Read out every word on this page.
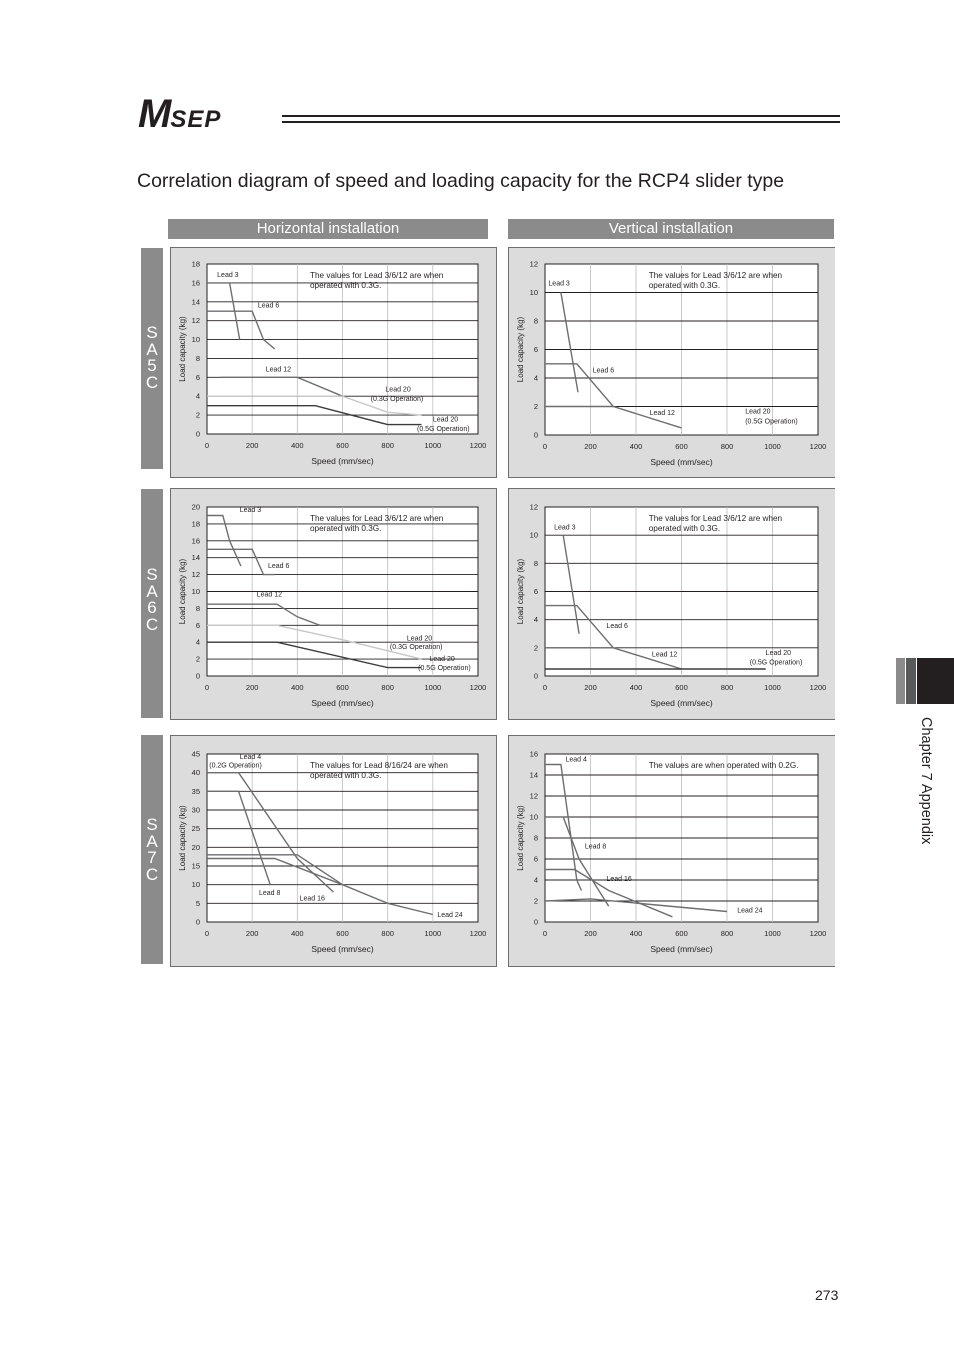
MSEP
Correlation diagram of speed and loading capacity for the RCP4 slider type
Horizontal installation	Vertical installation
S
A
5
C
S
A
6
C
S
A
7
C
0	200	400	600	800	1000	1200
0
2
4
6
8
10
12
14
16
18
Speed (mm/sec)
Load capacity (kg)
The values for Lead 3/6/12 are when
operated with 0.3G.
Lead 3
Lead 6
Lead 12
Lead 20
(0.3G Operation)
Lead 20
(0.5G Operation)
0	200	400	600	800	1000	1200
0
2
4
6
8
10
12
Speed (mm/sec)
Load capacity (kg)
The values for Lead 3/6/12 are when
operated with 0.3G.
Lead 3
Lead 6
Lead 12	Lead 20
(0.5G Operation)
0	200	400	600	800	1000	1200
0
2
4
6
8
10
12
14
16
18
20
Speed (mm/sec)
Load capacity (kg)
The values for Lead 3/6/12 are when
operated with 0.3G.
Lead 3
Lead 6
Lead 12
Lead 20
(0.3G Operation)
Lead 20
(0.5G Operation)
0	200	400	600	800	1000	1200
0
2
4
6
8
10
12
Speed (mm/sec)
Load capacity (kg)
The values for Lead 3/6/12 are when
operated with 0.3G.
Lead 3
Lead 6
Lead 12	Lead 20
(0.5G Operation)
0	200	400	600	800	1000	1200
0
5
10
15
20
25
30
35
40
45
Speed (mm/sec)
Load capacity (kg)
The values for Lead 8/16/24 are when
operated with 0.3G.
Lead 4
(0.2G Operation)
Lead 8
Lead 16
Lead 24
0	200	400	600	800	1000	1200
0
2
4
6
8
10
12
14
16
Speed (mm/sec)
Load capacity (kg)
The values are when operated with 0.2G.
Lead 4
Lead 8
Lead 16
Lead 24
Chapter 7 Appendix
273
